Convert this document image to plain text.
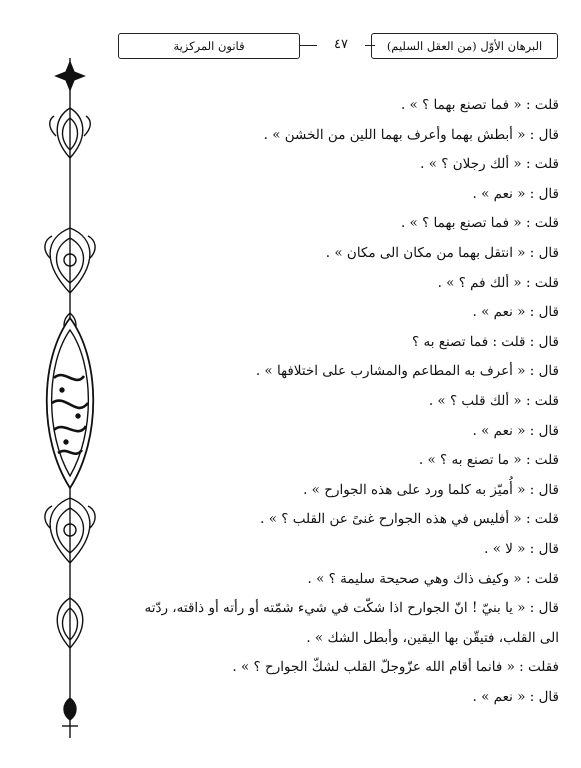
قانون المركزية	٤٧	البرهان الأوّل (من العقل السليم)
قلت : « فما تصنع بهما ؟ » .
قال : « أبطش بهما وأعرف بهما اللين من الخشن » .
قلت : « ألك رجلان ؟ » .
قال : « نعم » .
قلت : « فما تصنع بهما ؟ » .
قال : « انتقل بهما من مكان الى مكان » .
قلت : « ألك فم ؟ » .
قال : « نعم » .
قال : قلت : فما تصنع به ؟
قال : « أعرف به المطاعم والمشارب على اختلافها » .
قلت : « ألك قلب ؟ » .
قال : « نعم » .
قلت : « ما تصنع به ؟ » .
قال : « أُميّز به كلما ورد على هذه الجوارح » .
قلت : « أفليس في هذه الجوارح غنىً عن القلب ؟ » .
قال : « لا » .
قلت : « وكيف ذاك وهي صحيحة سليمة ؟ » .
قال : « يا بنيّ ! انّ الجوارح اذا شكّت في شيء شمّته أو رأته أو ذاقته، ردّته
الى القلب، فتيقّن بها اليقين، وأبطل الشك » .
فقلت : « فانما أقام الله عزّوجلّ القلب لشكّ الجوارح ؟ » .
قال : « نعم » .
